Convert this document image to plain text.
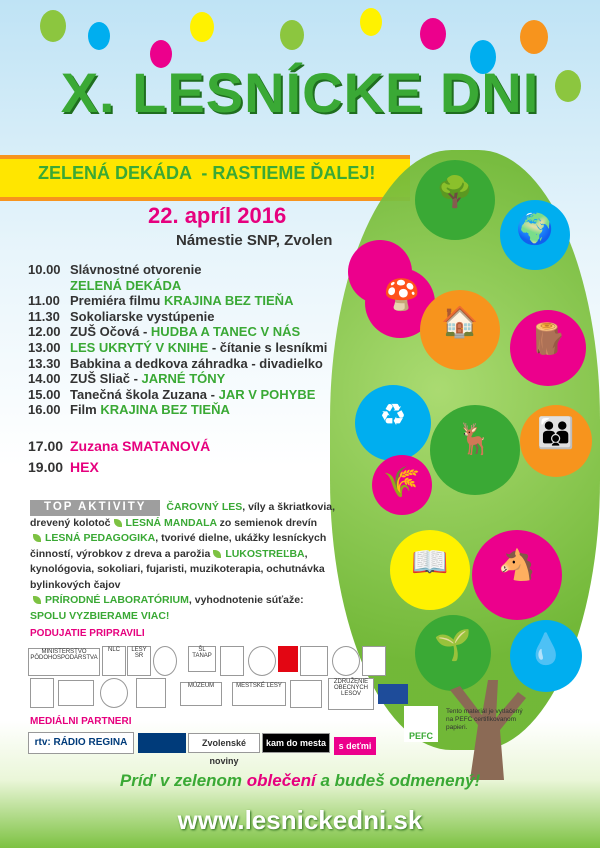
X. LESNÍCKE DNI
ZELENÁ DEKÁDA  - RASTIEME ĎALEJ!
🌳
🌍
🍄
🏠
🪵
♻
🦌	👪
🌾
📖	🐴
🌱	💧
22. apríl 2016
Námestie SNP, Zvolen
10.00 Slávnostné otvorenie
ZELENÁ DEKÁDA
11.00 Premiéra filmu KRAJINA BEZ TIEŇA
11.30 Sokoliarske vystúpenie
12.00 ZUŠ Očová - HUDBA A TANEC V NÁS
13.00 LES UKRYTÝ V KNIHE - čítanie s lesníkmi
13.30 Babkina a dedkova záhradka - divadielko
14.00 ZUŠ Sliač - JARNÉ TÓNY
15.00 Tanečná škola Zuzana - JAR V POHYBE
16.00 Film KRAJINA BEZ TIEŇA
17.00 Zuzana SMATANOVÁ
19.00 HEX
TOP AKTIVITY ČAROVNÝ LES, víly a škriatkovia, drevený kolotoč LESNÁ MANDALA zo semienok drevín
LESNÁ PEDAGOGIKA, tvorivé dielne, ukážky lesníckych činností, výrobkov z dreva a parožia LUKOSTREĽBA, kynológovia, sokoliari, fujaristi, muzikoterapia, ochutnávka bylinkových čajov
PRÍRODNÉ LABORATÓRIUM, vyhodnotenie súťaže:
SPOLU VYZBIERAME VIAC!
PODUJATIE PRIPRAVILI
MINISTERSTVO PÔDOHOSPODÁRSTVA
NLC	LESY SR
ŠL TANAP
MÚZEUM	MESTSKÉ LESY
ZDRUŽENIE OBECNÝCH LESOV
MEDIÁLNI PARTNERI
rtv: RÁDIO REGINA	Zvolenské noviny
kam do mesta	s deťmi
PEFC
Tento materiál je vytlačený na PEFC certifikovanom papieri.
Príď v zelenom oblečení a budeš odmenený!
www.lesnickedni.sk
